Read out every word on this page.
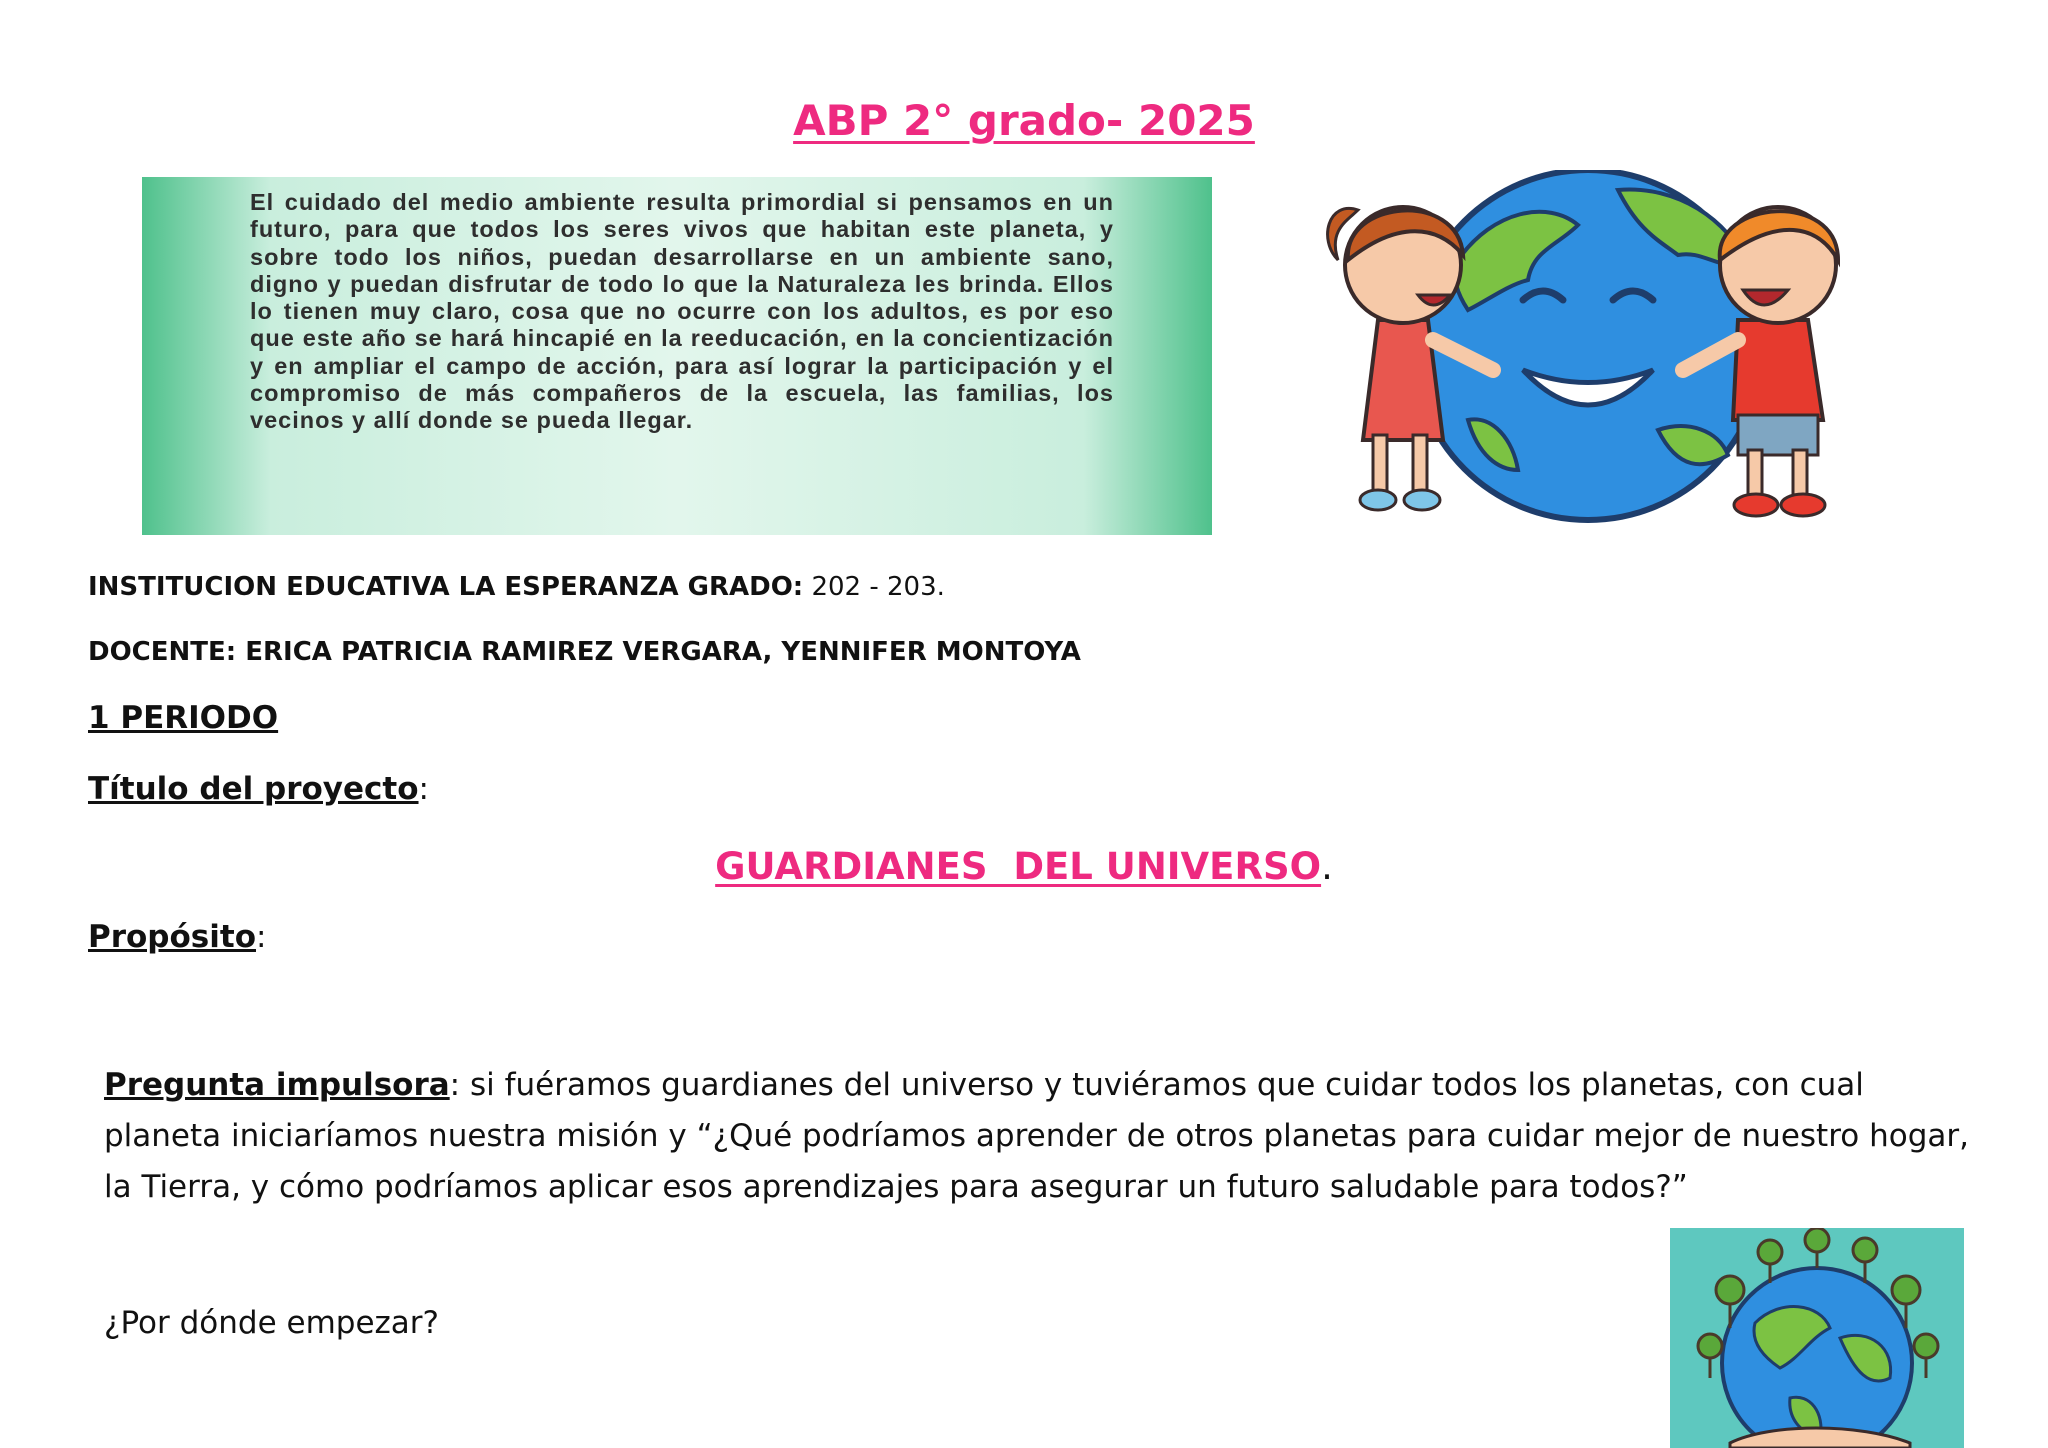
ABP 2° grado- 2025

El cuidado del medio ambiente resulta primordial si pensamos en un futuro, para que todos los seres vivos que habitan este planeta, y sobre todo los niños, puedan desarrollarse en un ambiente sano, digno y puedan disfrutar de todo lo que la Naturaleza les brinda. Ellos lo tienen muy claro, cosa que no ocurre con los adultos, es por eso que este año se hará hincapié en la reeducación, en la concientización y en ampliar el campo de acción, para así lograr la participación y el compromiso de más compañeros de la escuela, las familias, los vecinos y allí donde se pueda llegar.

INSTITUCION EDUCATIVA LA ESPERANZA GRADO: 202 - 203.
DOCENTE: ERICA PATRICIA RAMIREZ VERGARA, YENNIFER MONTOYA
1 PERIODO
Título del proyecto:
GUARDIANES  DEL UNIVERSO.
Propósito:

Pregunta impulsora: si fuéramos guardianes del universo y tuviéramos que cuidar todos los planetas, con cual planeta iniciaríamos nuestra misión y “¿Qué podríamos aprender de otros planetas para cuidar mejor de nuestro hogar, la Tierra, y cómo podríamos aplicar esos aprendizajes para asegurar un futuro saludable para todos?”

¿Por dónde empezar?
